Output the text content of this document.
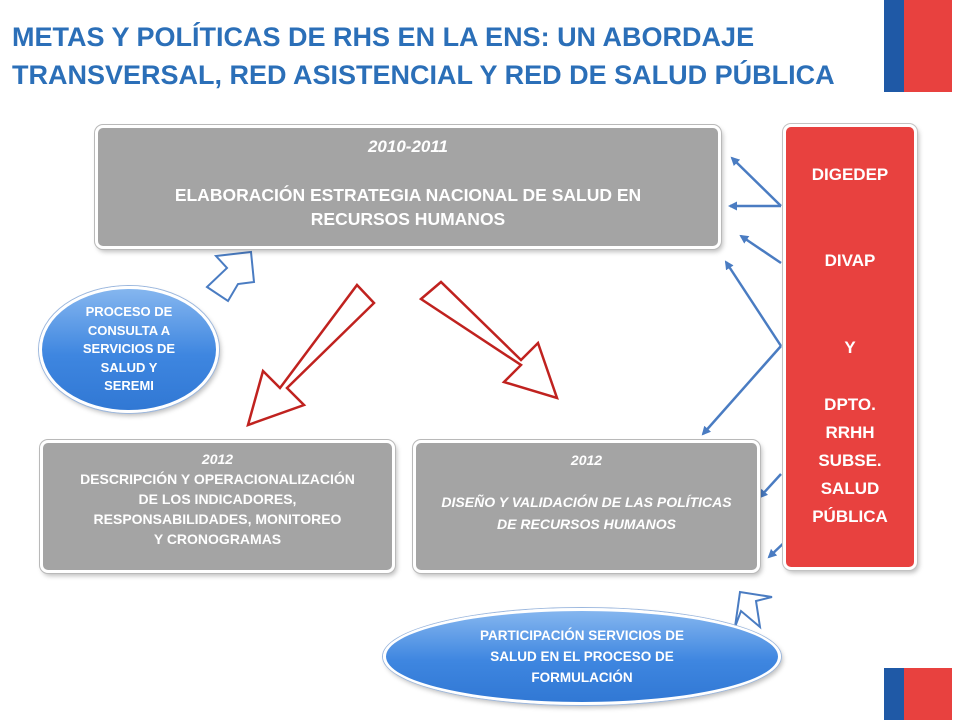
METAS Y POLÍTICAS DE RHS EN LA ENS: UN ABORDAJE
TRANSVERSAL, RED ASISTENCIAL Y RED DE SALUD PÚBLICA
2010-2011
ELABORACIÓN ESTRATEGIA NACIONAL DE SALUD EN
RECURSOS HUMANOS
2012
DESCRIPCIÓN Y OPERACIONALIZACIÓN
DE LOS INDICADORES,
RESPONSABILIDADES, MONITOREO
Y CRONOGRAMAS
2012
DISEÑO Y VALIDACIÓN DE LAS POLÍTICAS
DE RECURSOS HUMANOS
DIGEDEP
DIVAP
Y
DPTO.
RRHH
SUBSE.
SALUD
PÚBLICA
PROCESO DE
CONSULTA A
SERVICIOS DE
SALUD Y
SEREMI
PARTICIPACIÓN SERVICIOS DE
SALUD EN EL PROCESO DE
FORMULACIÓN
